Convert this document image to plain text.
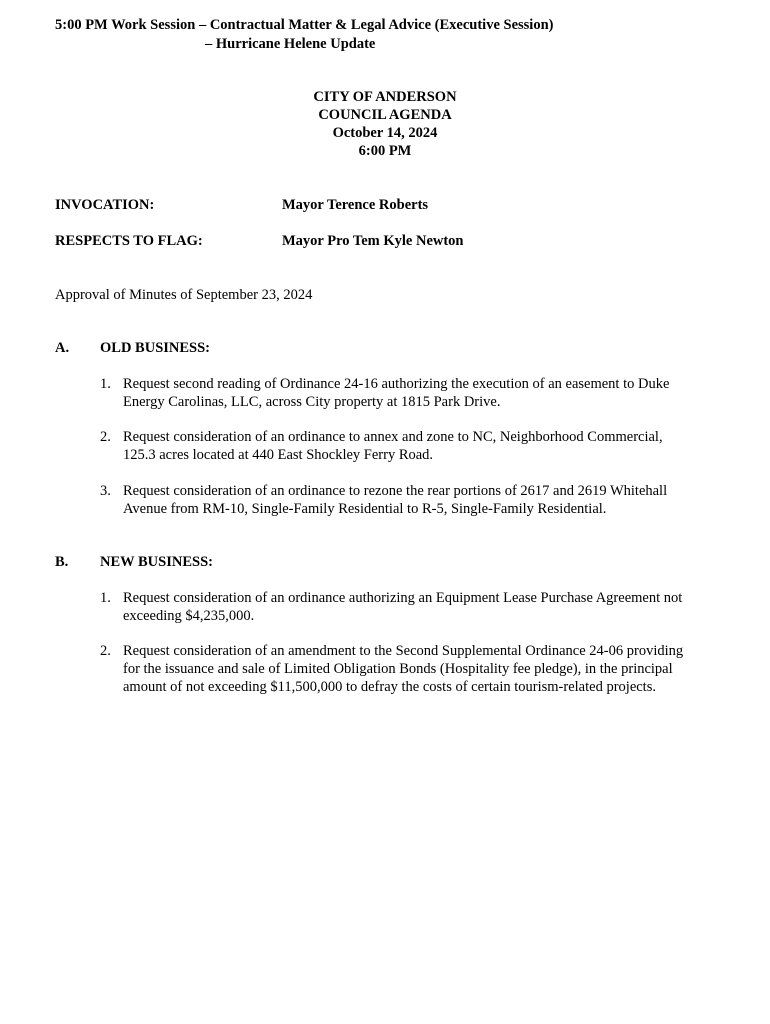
5:00 PM Work Session – Contractual Matter & Legal Advice (Executive Session)
– Hurricane Helene Update
CITY OF ANDERSON
COUNCIL AGENDA
October 14, 2024
6:00 PM
INVOCATION:	Mayor Terence Roberts
RESPECTS TO FLAG:	Mayor Pro Tem Kyle Newton
Approval of Minutes of September 23, 2024
A. OLD BUSINESS:
1. Request second reading of Ordinance 24-16 authorizing the execution of an easement to Duke
Energy Carolinas, LLC, across City property at 1815 Park Drive.
2. Request consideration of an ordinance to annex and zone to NC, Neighborhood Commercial,
125.3 acres located at 440 East Shockley Ferry Road.
3. Request consideration of an ordinance to rezone the rear portions of 2617 and 2619 Whitehall
Avenue from RM-10, Single-Family Residential to R-5, Single-Family Residential.
B. NEW BUSINESS:
1. Request consideration of an ordinance authorizing an Equipment Lease Purchase Agreement not
exceeding $4,235,000.
2. Request consideration of an amendment to the Second Supplemental Ordinance 24-06 providing
for the issuance and sale of Limited Obligation Bonds (Hospitality fee pledge), in the principal
amount of not exceeding $11,500,000 to defray the costs of certain tourism-related projects.
